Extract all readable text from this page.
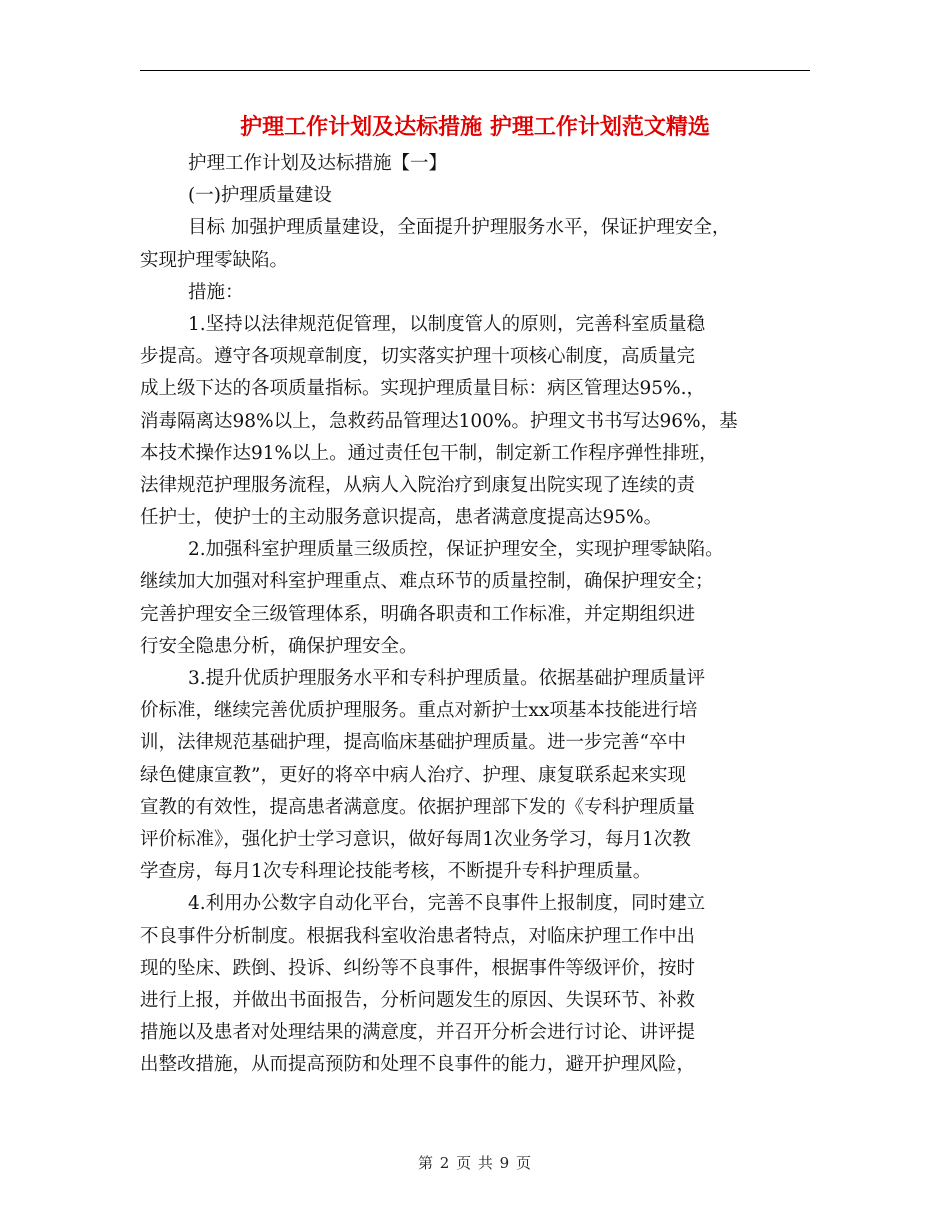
护理工作计划及达标措施 护理工作计划范文精选
护理工作计划及达标措施【一】
(一)护理质量建设
目标 加强护理质量建设，全面提升护理服务水平，保证护理安全，
实现护理零缺陷。
措施：
1.坚持以法律规范促管理，以制度管人的原则，完善科室质量稳
步提高。遵守各项规章制度，切实落实护理十项核心制度，高质量完
成上级下达的各项质量指标。实现护理质量目标：病区管理达95%.，
消毒隔离达98%以上，急救药品管理达100%。护理文书书写达96%，基
本技术操作达91%以上。通过责任包干制，制定新工作程序弹性排班，
法律规范护理服务流程，从病人入院治疗到康复出院实现了连续的责
任护士，使护士的主动服务意识提高，患者满意度提高达95%。
2.加强科室护理质量三级质控，保证护理安全，实现护理零缺陷。
继续加大加强对科室护理重点、难点环节的质量控制，确保护理安全；
完善护理安全三级管理体系，明确各职责和工作标准，并定期组织进
行安全隐患分析，确保护理安全。
3.提升优质护理服务水平和专科护理质量。依据基础护理质量评
价标准，继续完善优质护理服务。重点对新护士xx项基本技能进行培
训，法律规范基础护理，提高临床基础护理质量。进一步完善“卒中
绿色健康宣教”，更好的将卒中病人治疗、护理、康复联系起来实现
宣教的有效性，提高患者满意度。依据护理部下发的《专科护理质量
评价标准》，强化护士学习意识，做好每周1次业务学习，每月1次教
学查房，每月1次专科理论技能考核，不断提升专科护理质量。
4.利用办公数字自动化平台，完善不良事件上报制度，同时建立
不良事件分析制度。根据我科室收治患者特点，对临床护理工作中出
现的坠床、跌倒、投诉、纠纷等不良事件，根据事件等级评价，按时
进行上报，并做出书面报告，分析问题发生的原因、失误环节、补救
措施以及患者对处理结果的满意度，并召开分析会进行讨论、讲评提
出整改措施，从而提高预防和处理不良事件的能力，避开护理风险，
第 2 页 共 9 页
